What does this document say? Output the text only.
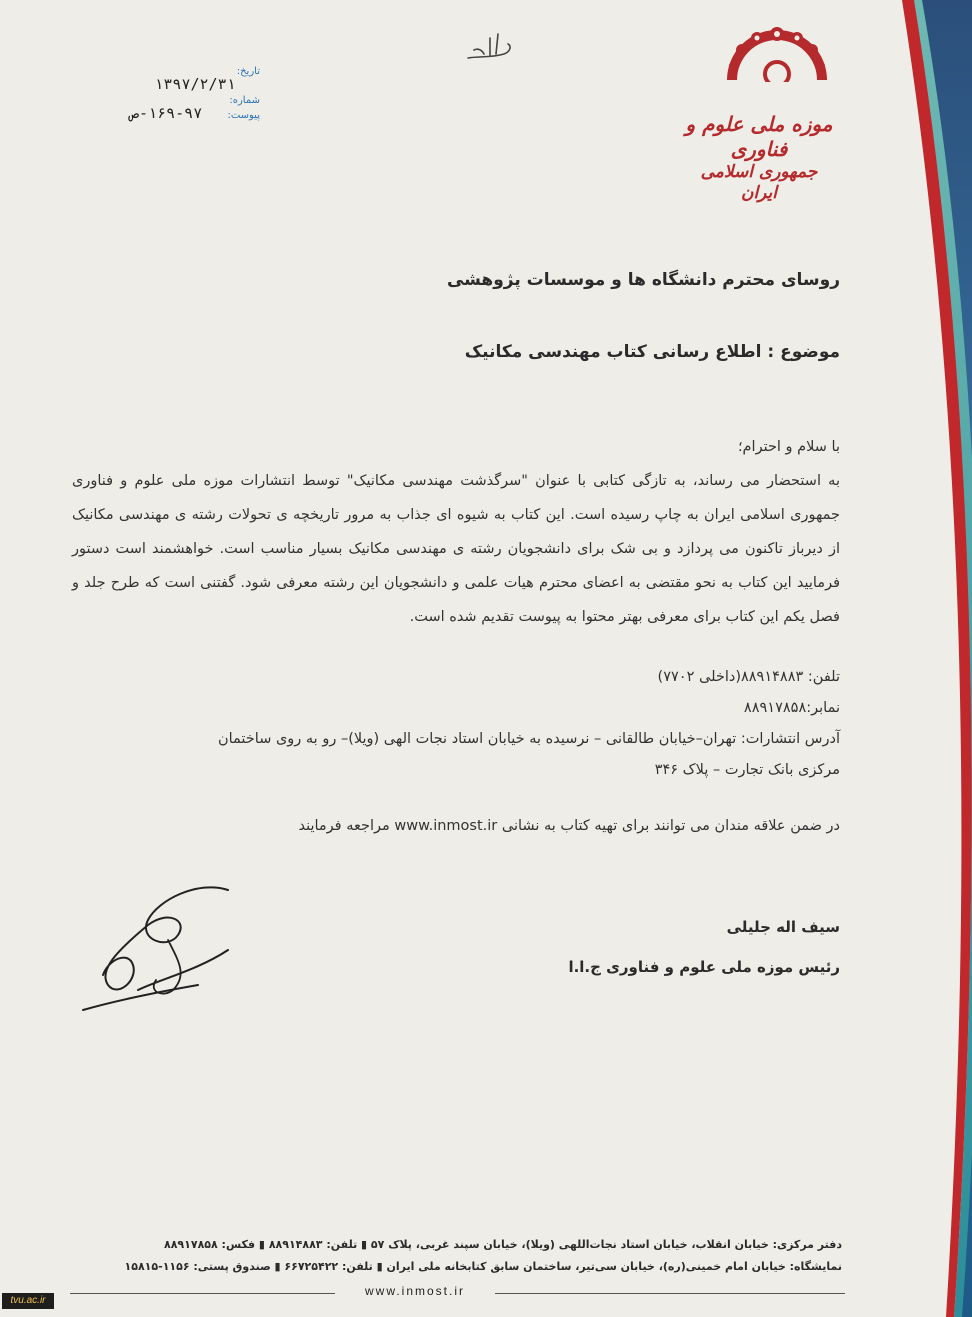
موزه ملی علوم و فناوری
جمهوری اسلامی ایران
تاریخ:
۱۳۹۷/۲/۳۱
شماره:
پیوست:
۱۶۹-۹۷-ص
روسای محترم دانشگاه ها و موسسات پژوهشی
موضوع : اطلاع رسانی کتاب مهندسی مکانیک

با سلام و احترام؛

به استحضار می رساند، به تازگی کتابی با عنوان "سرگذشت مهندسی مکانیک" توسط انتشارات موزه ملی علوم و فناوری جمهوری اسلامی ایران به چاپ رسیده است. این کتاب به شیوه ای جذاب به مرور تاریخچه ی تحولات رشته ی مهندسی مکانیک از دیرباز تاکنون می پردازد و بی شک برای دانشجویان رشته ی مهندسی مکانیک بسیار مناسب است. خواهشمند است دستور فرمایید این کتاب به نحو مقتضی به اعضای محترم هیات علمی و دانشجویان این رشته معرفی شود. گفتنی است که طرح جلد و فصل یکم این کتاب برای معرفی بهتر محتوا به پیوست تقدیم شده است.

تلفن: ۸۸۹۱۴۸۸۳(داخلی ۷۷۰۲)

نمابر:۸۸۹۱۷۸۵۸

آدرس انتشارات: تهران–خیابان طالقانی – نرسیده به خیابان استاد نجات الهی (ویلا)– رو به روی ساختمان

مرکزی بانک تجارت – پلاک ۳۴۶

در ضمن علاقه مندان می توانند برای تهیه کتاب به نشانی www.inmost.ir مراجعه فرمایند
سیف اله جلیلی
رئیس موزه ملی علوم و فناوری ج.ا.ا
دفتر مرکزی: خیابان انقلاب، خیابان استاد نجات‌اللهی (ویلا)، خیابان سپند غربی، پلاک ۵۷ ▮ تلفن: ۸۸۹۱۴۸۸۳ ▮ فکس: ۸۸۹۱۷۸۵۸
نمایشگاه: خیابان امام خمینی(ره)، خیابان سی‌تیر، ساختمان سابق کتابخانه ملی ایران ▮ تلفن: ۶۶۷۲۵۴۲۲ ▮ صندوق پستی: ۱۱۵۶-۱۵۸۱۵
www.inmost.ir
tvu.ac.ir
